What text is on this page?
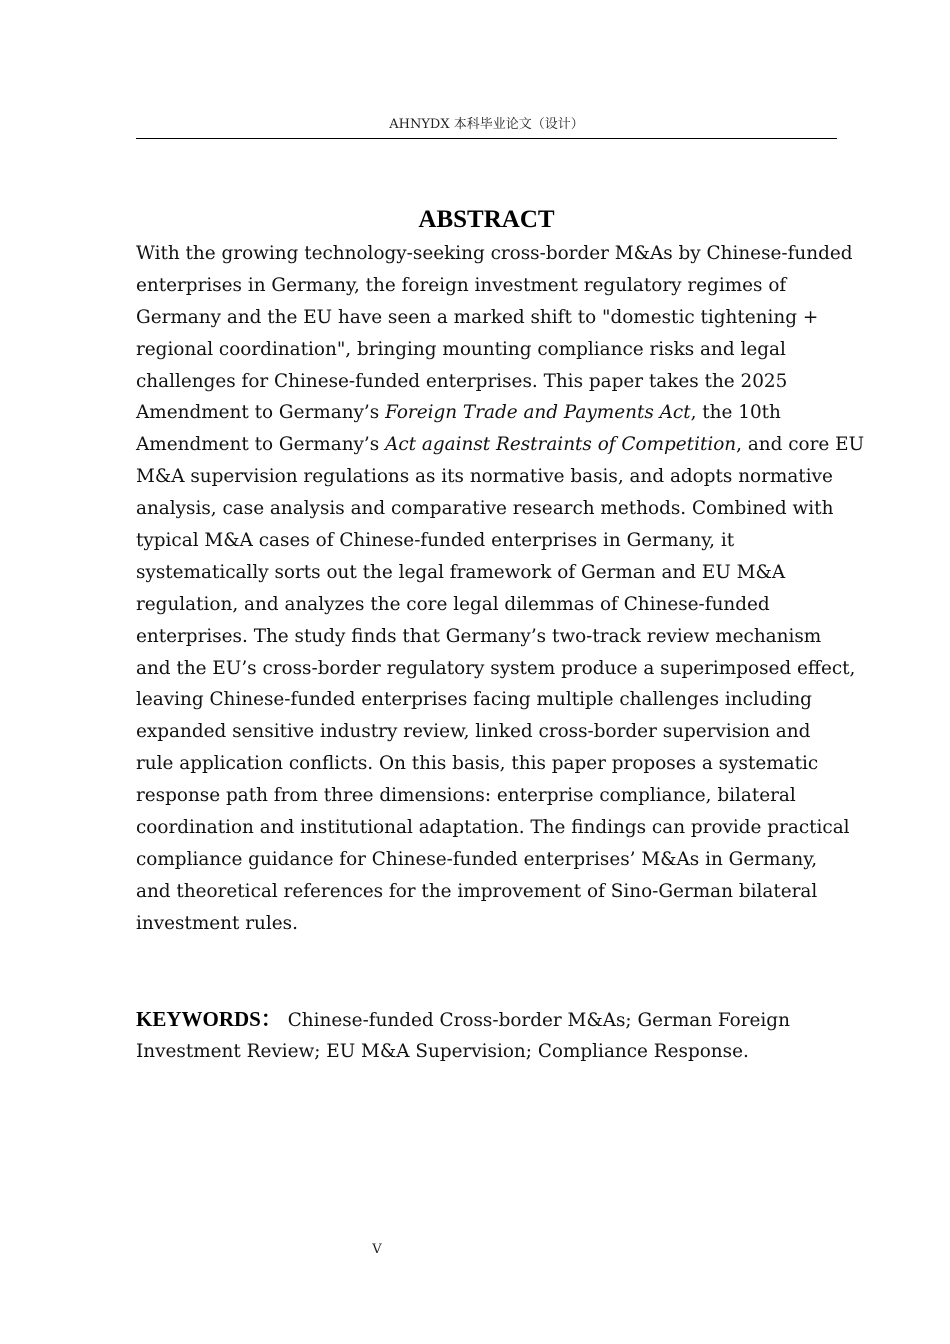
AHNYDX 本科毕业论文（设计）
ABSTRACT
With the growing technology-seeking cross-border M&As by Chinese-funded
enterprises in Germany, the foreign investment regulatory regimes of
Germany and the EU have seen a marked shift to "domestic tightening +
regional coordination", bringing mounting compliance risks and legal
challenges for Chinese-funded enterprises. This paper takes the 2025
Amendment to Germany’s Foreign Trade and Payments Act, the 10th
Amendment to Germany’s Act against Restraints of Competition, and core EU
M&A supervision regulations as its normative basis, and adopts normative
analysis, case analysis and comparative research methods. Combined with
typical M&A cases of Chinese-funded enterprises in Germany, it
systematically sorts out the legal framework of German and EU M&A
regulation, and analyzes the core legal dilemmas of Chinese-funded
enterprises. The study finds that Germany’s two-track review mechanism
and the EU’s cross-border regulatory system produce a superimposed effect,
leaving Chinese-funded enterprises facing multiple challenges including
expanded sensitive industry review, linked cross-border supervision and
rule application conflicts. On this basis, this paper proposes a systematic
response path from three dimensions: enterprise compliance, bilateral
coordination and institutional adaptation. The findings can provide practical
compliance guidance for Chinese-funded enterprises’ M&As in Germany,
and theoretical references for the improvement of Sino-German bilateral
investment rules.
KEYWORDS： Chinese-funded Cross-border M&As; German Foreign
Investment Review; EU M&A Supervision; Compliance Response.
V
